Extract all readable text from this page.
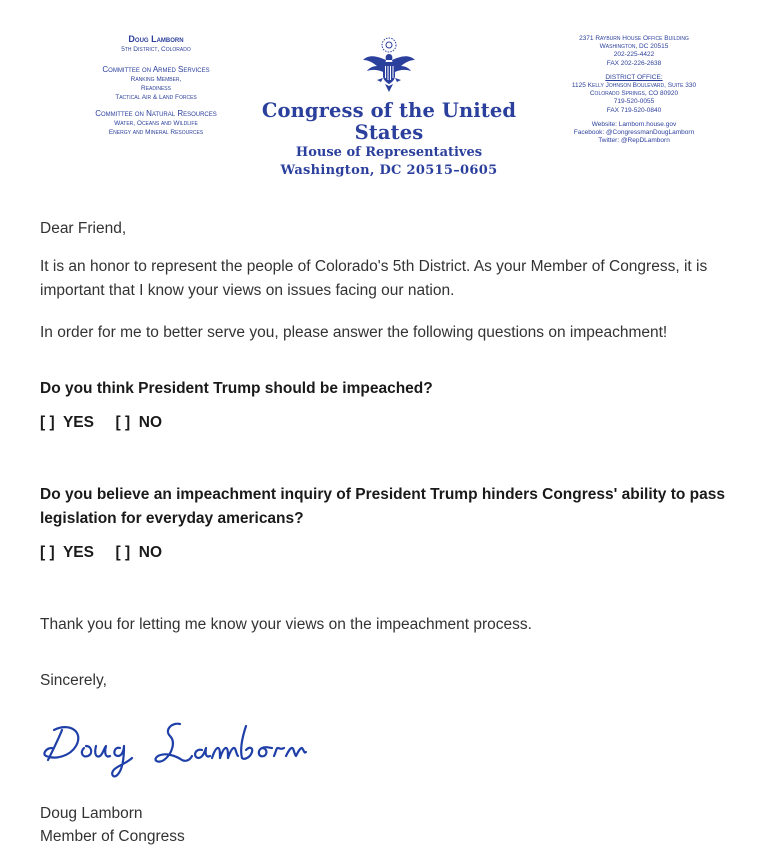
Doug Lamborn
5th District, Colorado
Committee on Armed Services
Ranking Member,
Readiness
Tactical Air & Land Forces
Committee on Natural Resources
Water, Oceans and Wildlife
Energy and Mineral Resources
Congress of the United States
House of Representatives
Washington, DC 20515–0605
2371 Rayburn House Office Building
Washington, DC 20515
202-225-4422
FAX 202-226-2638
DISTRICT OFFICE:
1125 Kelly Johnson Boulevard, Suite 330
Colorado Springs, CO 80920
719-520-0055
FAX 719-520-0840
Website: Lamborn.house.gov
Facebook: @CongressmanDougLamborn
Twitter: @RepDLamborn

Dear Friend,

It is an honor to represent the people of Colorado's 5th District. As your Member of Congress, it is important that I know your views on issues facing our nation.

In order for me to better serve you, please answer the following questions on impeachment!

Do you think President Trump should be impeached?

[ ]  YES     [ ]  NO

Do you believe an impeachment inquiry of President Trump hinders Congress' ability to pass legislation for everyday americans?

[ ]  YES     [ ]  NO

Thank you for letting me know your views on the impeachment process.

Sincerely,

Doug Lamborn

Member of Congress
